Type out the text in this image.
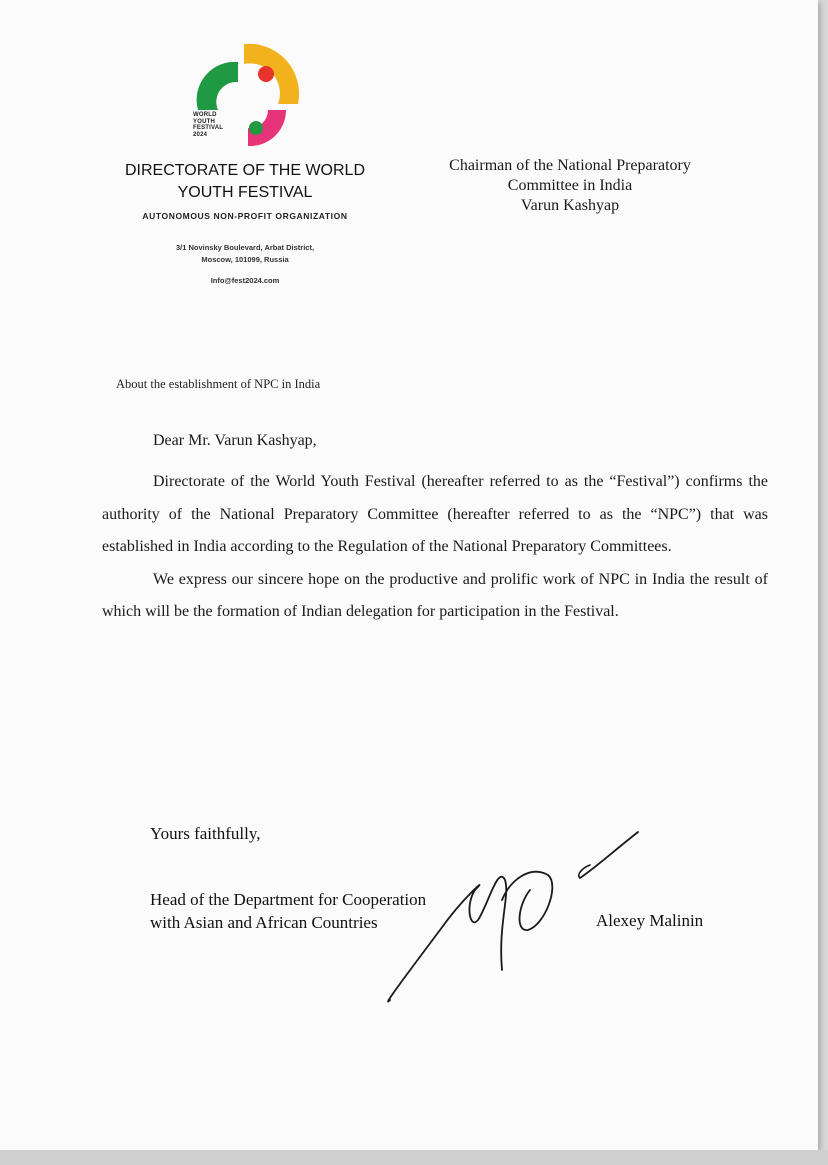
WORLD
YOUTH
FESTIVAL
2024
DIRECTORATE OF THE WORLD
YOUTH FESTIVAL
AUTONOMOUS NON-PROFIT ORGANIZATION
3/1 Novinsky Boulevard, Arbat District,
Moscow, 101099, Russia
Info@fest2024.com
Chairman of the National Preparatory
Committee in India
Varun Kashyap
About the establishment of NPC in India
Dear Mr. Varun Kashyap,

Directorate of the World Youth Festival (hereafter referred to as the “Festival”) confirms the authority of the National Preparatory Committee (hereafter referred to as the “NPC”) that was established in India according to the Regulation of the National Preparatory Committees.

We express our sincere hope on the productive and prolific work of NPC in India the result of which will be the formation of Indian delegation for participation in the Festival.

Yours faithfully,
Head of the Department for Cooperation
with Asian and African Countries	Alexey Malinin
